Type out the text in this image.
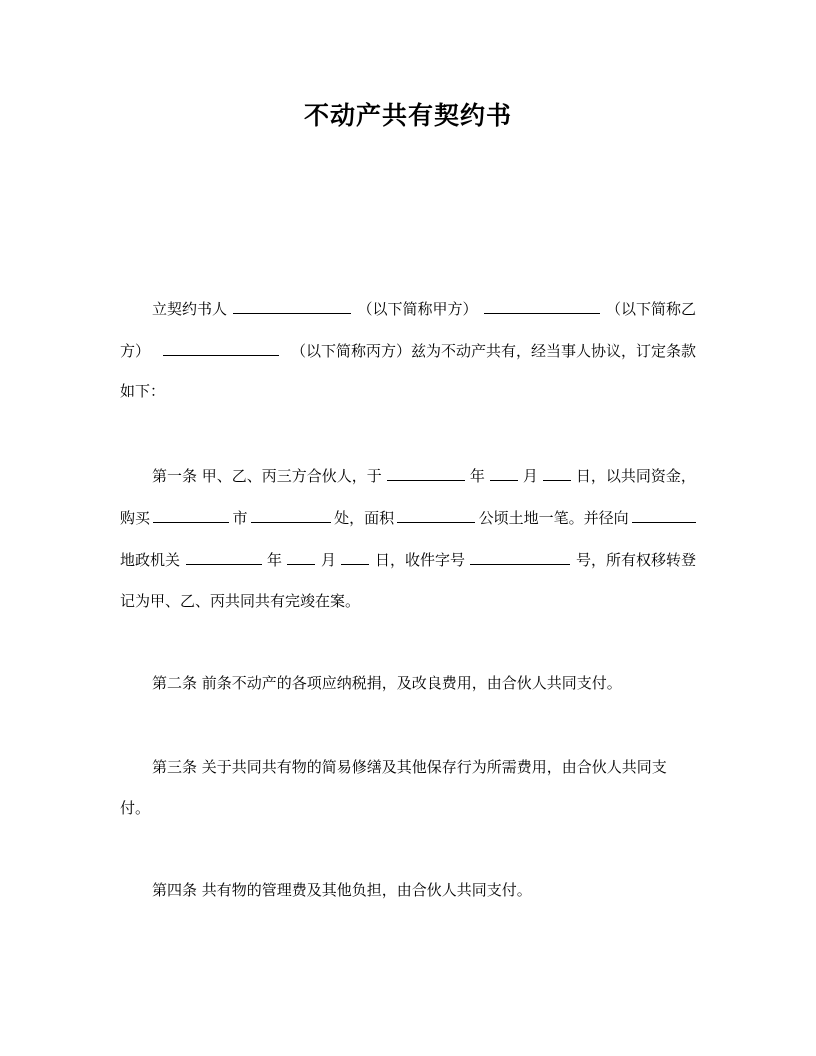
不动产共有契约书
立契约书人	（以下简称甲方）	（以下简称乙
方）	（以下简称丙方）兹为不动产共有，经当事人协议，订定条款
如下：
第一条 甲、乙、丙三方合伙人，于	年	月	日，以共同资金，
购买	市	处，面积	公顷土地一笔。并径向
地政机关	年	月	日，收件字号	号，所有权移转登
记为甲、乙、丙共同共有完竣在案。
第二条 前条不动产的各项应纳税捐，及改良费用，由合伙人共同支付。
第三条 关于共同共有物的简易修缮及其他保存行为所需费用，由合伙人共同支
付。
第四条 共有物的管理费及其他负担，由合伙人共同支付。
